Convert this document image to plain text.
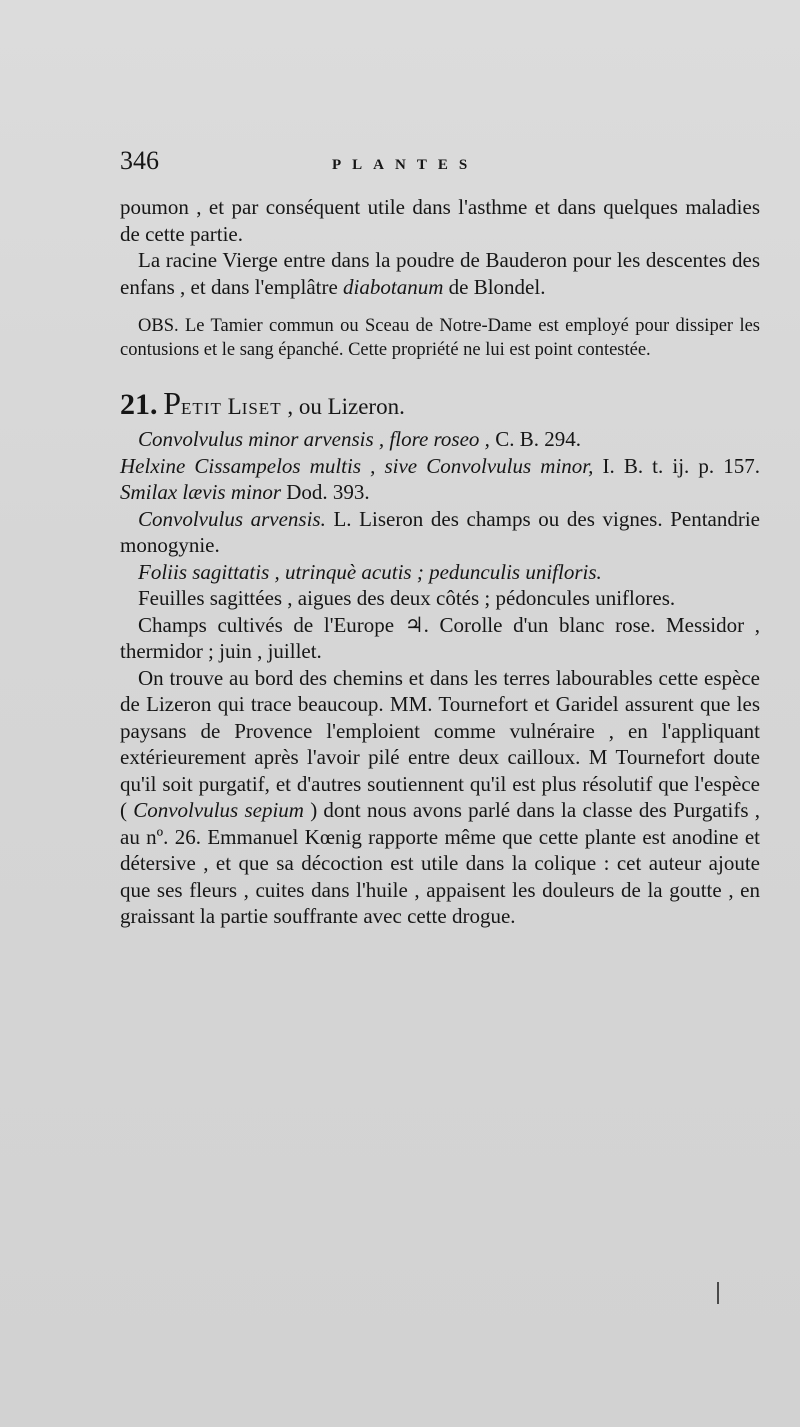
346	PLANTES

poumon , et par conséquent utile dans l'asthme et dans quelques maladies de cette partie.

La racine Vierge entre dans la poudre de Bauderon pour les descentes des enfans , et dans l'emplâtre diabotanum de Blondel.

OBS. Le Tamier commun ou Sceau de Notre-Dame est employé pour dissiper les contusions et le sang épanché. Cette propriété ne lui est point contestée.

21. PETIT LISET , ou Lizeron.

Convolvulus minor arvensis , flore roseo , C. B. 294.

Helxine Cissampelos multis , sive Convolvulus minor, I. B. t. ij. p. 157. Smilax lævis minor Dod. 393.

Convolvulus arvensis. L. Liseron des champs ou des vignes. Pentandrie monogynie.

Foliis sagittatis , utrinquè acutis ; pedunculis unifloris.

Feuilles sagittées , aigues des deux côtés ; pédoncules uniflores.

Champs cultivés de l'Europe ♃. Corolle d'un blanc rose. Messidor , thermidor ; juin , juillet.

On trouve au bord des chemins et dans les terres labourables cette espèce de Lizeron qui trace beaucoup. MM. Tournefort et Garidel assurent que les paysans de Provence l'emploient comme vulnéraire , en l'appliquant extérieurement après l'avoir pilé entre deux cailloux. M Tournefort doute qu'il soit purgatif, et d'autres soutiennent qu'il est plus résolutif que l'espèce ( Convolvulus sepium ) dont nous avons parlé dans la classe des Purgatifs , au nº. 26. Emmanuel Kœnig rapporte même que cette plante est anodine et détersive , et que sa décoction est utile dans la colique : cet auteur ajoute que ses fleurs , cuites dans l'huile , appaisent les douleurs de la goutte , en graissant la partie souffrante avec cette drogue.
